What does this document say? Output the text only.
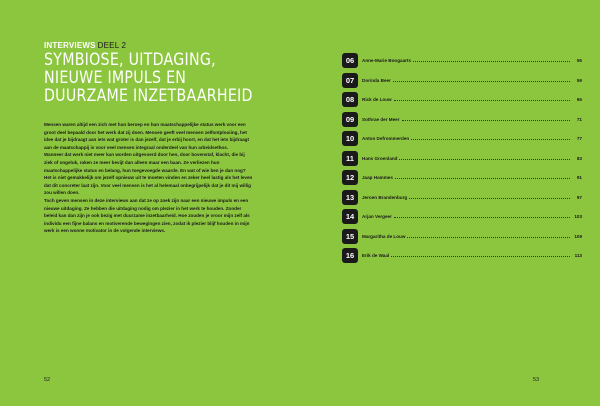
INTERVIEWS DEEL 2
SYMBIOSE, UITDAGING,
NIEUWE IMPULS EN
DUURZAME INZETBAARHEID

Mensen waren altijd een zich met hun beroep en hun maatschappelijke status werk voor een groot deel bepaald door het werk dat zij doen. Mensen geeft veel mensen zelfontplooiing, het idee dat je bijdraagt aan iets wat groter is dan jezelf, dat je erbij hoort, en dat het iets bijdraagt aan de maatschappij is voor veel mensen integraal onderdeel van hun arbeidsethos.

Wanneer dat werk niet meer kan worden uitgevoerd door hen, door bovenstaf, klacht, die bij ziek of ongeluk, raken ze meer bevijt dan alleen maar een baan. Ze verliezen hun maatschappelijke status en belang, hun toegevoegde waarde. En wat of wie ben je dan nog?

Het is niet gemakkelijk om jezelf opnieuw uit te moeten vinden en zeker heel lastig als het leven dat dit concreter laat zijn. Voor veel mensen is het al helemaal onbegrijpelijk dat je dit mij willig zou willen doen.

Toch geven mensen in deze interviews aan dat ze op zoek zijn naar een nieuwe impuls en een nieuwe uitdaging. Ze hebben die uitdaging nodig om plezier in het werk te houden. Zonder beleid kan dan zijn je ook bezig met duurzame inzetbaarheid. Hoe zouden je vroor mijn zelf als individu een fijne balans en motiverende bewegingen zien, zodat ik plezier blijf houden in mijn werk is een wonne motivator in de volgende interviews.

52
06	Anne-Marie Boogaarts	55
07	Dorinda Beer	59
08	Rick de Louw	65
09	Sothrae der Meer	71
10	Anton Defrommerden	77
11	Hans Groenland	83
12	Jaap Hammes	91
13	Jeroen Brandenburg	97
14	Arjan Vergeer	103
15	Margaritha de Louw	109
16	Erik de Waal	113
53
